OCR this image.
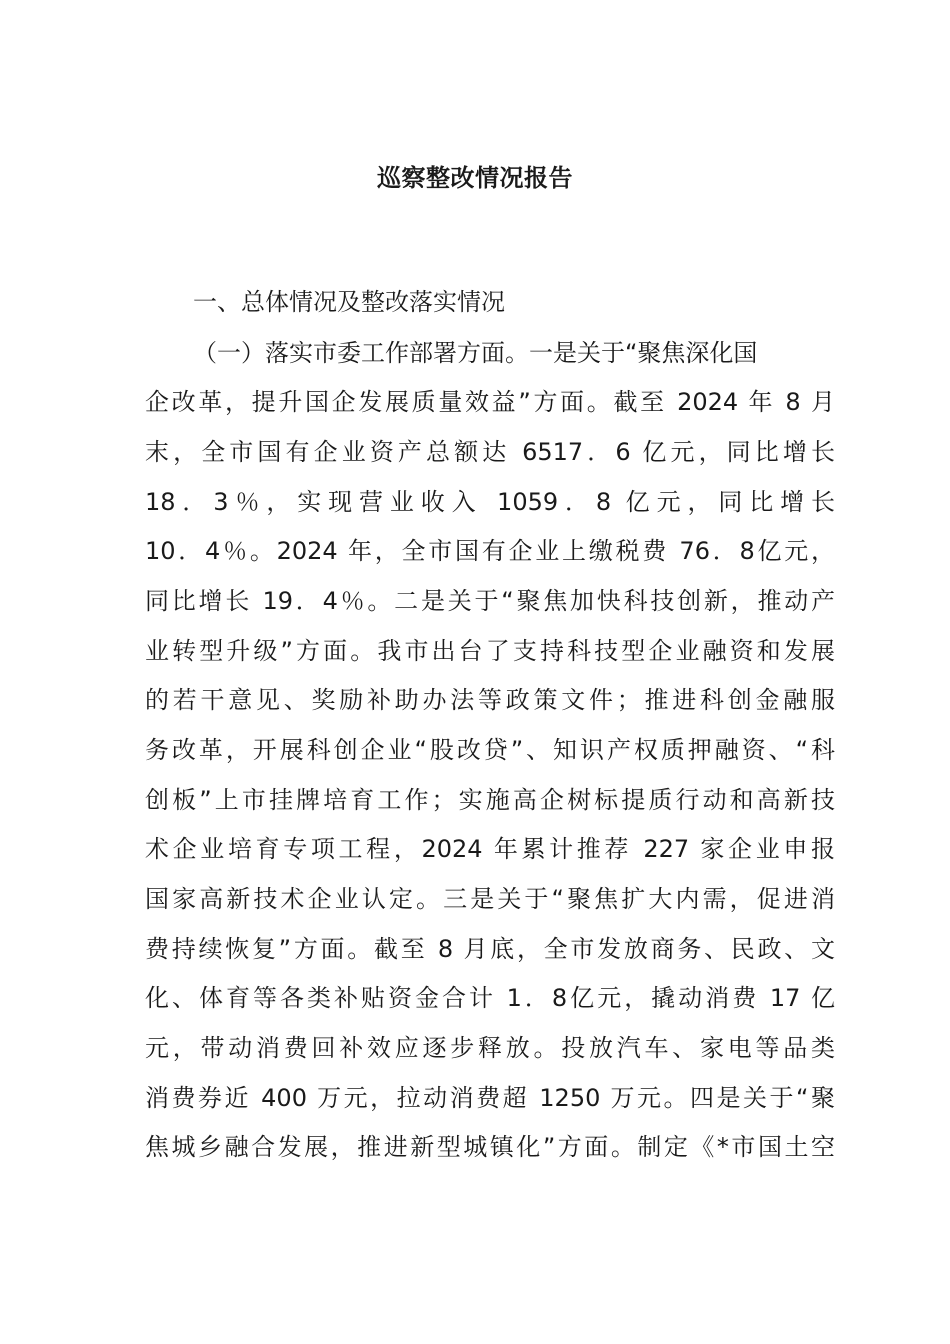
巡察整改情况报告
一、总体情况及整改落实情况
（一）落实市委工作部署方面。一是关于“聚焦深化国
企改革，提升国企发展质量效益”方面。截至 2024 年 8 月
末，全市国有企业资产总额达 6517．6 亿元，同比增长
18．3％，实现营业收入 1059．8 亿元，同比增长
10．4％。2024 年，全市国有企业上缴税费 76．8亿元，
同比增长 19．4％。二是关于“聚焦加快科技创新，推动产
业转型升级”方面。我市出台了支持科技型企业融资和发展
的若干意见、奖励补助办法等政策文件；推进科创金融服
务改革，开展科创企业“股改贷”、知识产权质押融资、“科
创板”上市挂牌培育工作；实施高企树标提质行动和高新技
术企业培育专项工程，2024 年累计推荐 227 家企业申报
国家高新技术企业认定。三是关于“聚焦扩大内需，促进消
费持续恢复”方面。截至 8 月底，全市发放商务、民政、文
化、体育等各类补贴资金合计 1．8亿元，撬动消费 17 亿
元，带动消费回补效应逐步释放。投放汽车、家电等品类
消费券近 400 万元，拉动消费超 1250 万元。四是关于“聚
焦城乡融合发展，推进新型城镇化”方面。制定《*市国土空
